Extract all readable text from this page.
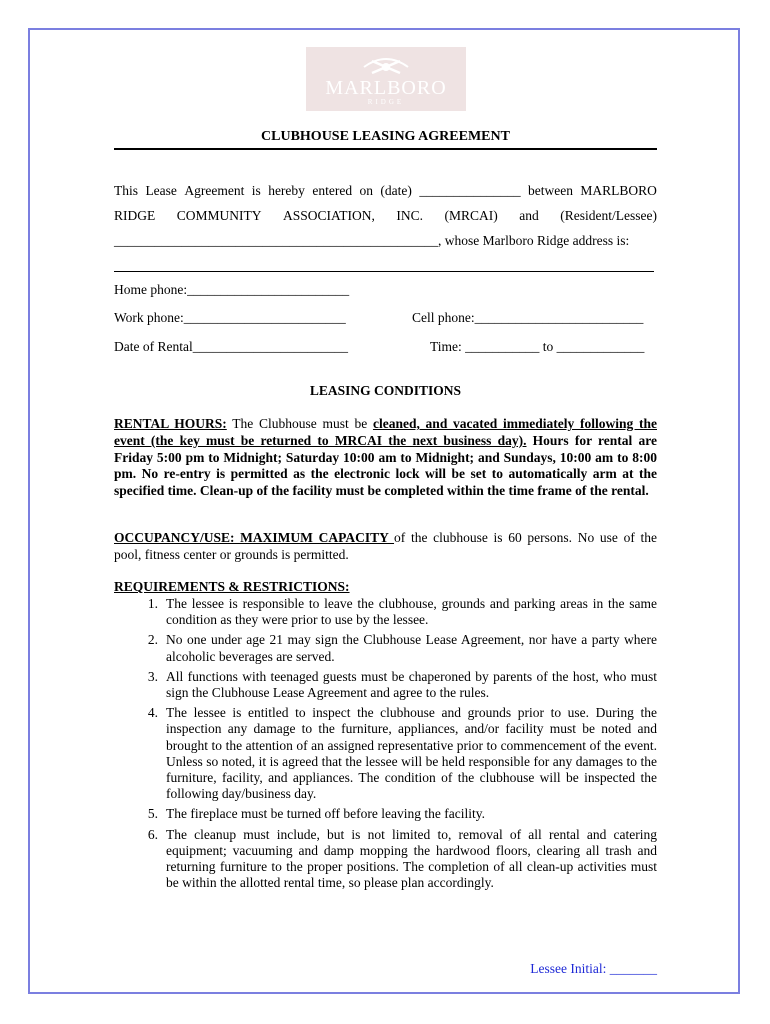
MARLBORO
RIDGE
CLUBHOUSE LEASING AGREEMENT
This Lease Agreement is hereby entered on (date) _______________ between MARLBORO
RIDGE COMMUNITY ASSOCIATION, INC. (MRCAI) and (Resident/Lessee)
________________________________________________, whose Marlboro Ridge address is:
Home phone:________________________
Work phone:________________________	Cell phone:_________________________
Date of Rental_______________________	Time: ___________ to _____________
LEASING CONDITIONS
RENTAL HOURS: The Clubhouse must be cleaned, and vacated immediately following the event (the key must be returned to MRCAI the next business day). Hours for rental are Friday 5:00 pm to Midnight; Saturday 10:00 am to Midnight; and Sundays, 10:00 am to 8:00 pm. No re-entry is permitted as the electronic lock will be set to automatically arm at the specified time. Clean-up of the facility must be completed within the time frame of the rental.
OCCUPANCY/USE: MAXIMUM CAPACITY of the clubhouse is 60 persons. No use of the pool, fitness center or grounds is permitted.
REQUIREMENTS & RESTRICTIONS:
1. The lessee is responsible to leave the clubhouse, grounds and parking areas in the same condition as they were prior to use by the lessee.
2. No one under age 21 may sign the Clubhouse Lease Agreement, nor have a party where alcoholic beverages are served.
3. All functions with teenaged guests must be chaperoned by parents of the host, who must sign the Clubhouse Lease Agreement and agree to the rules.
4. The lessee is entitled to inspect the clubhouse and grounds prior to use. During the inspection any damage to the furniture, appliances, and/or facility must be noted and brought to the attention of an assigned representative prior to commencement of the event. Unless so noted, it is agreed that the lessee will be held responsible for any damages to the furniture, facility, and appliances. The condition of the clubhouse will be inspected the following day/business day.
5. The fireplace must be turned off before leaving the facility.
6. The cleanup must include, but is not limited to, removal of all rental and catering equipment; vacuuming and damp mopping the hardwood floors, clearing all trash and returning furniture to the proper positions. The completion of all clean-up activities must be within the allotted rental time, so please plan accordingly.
Lessee Initial: _______
